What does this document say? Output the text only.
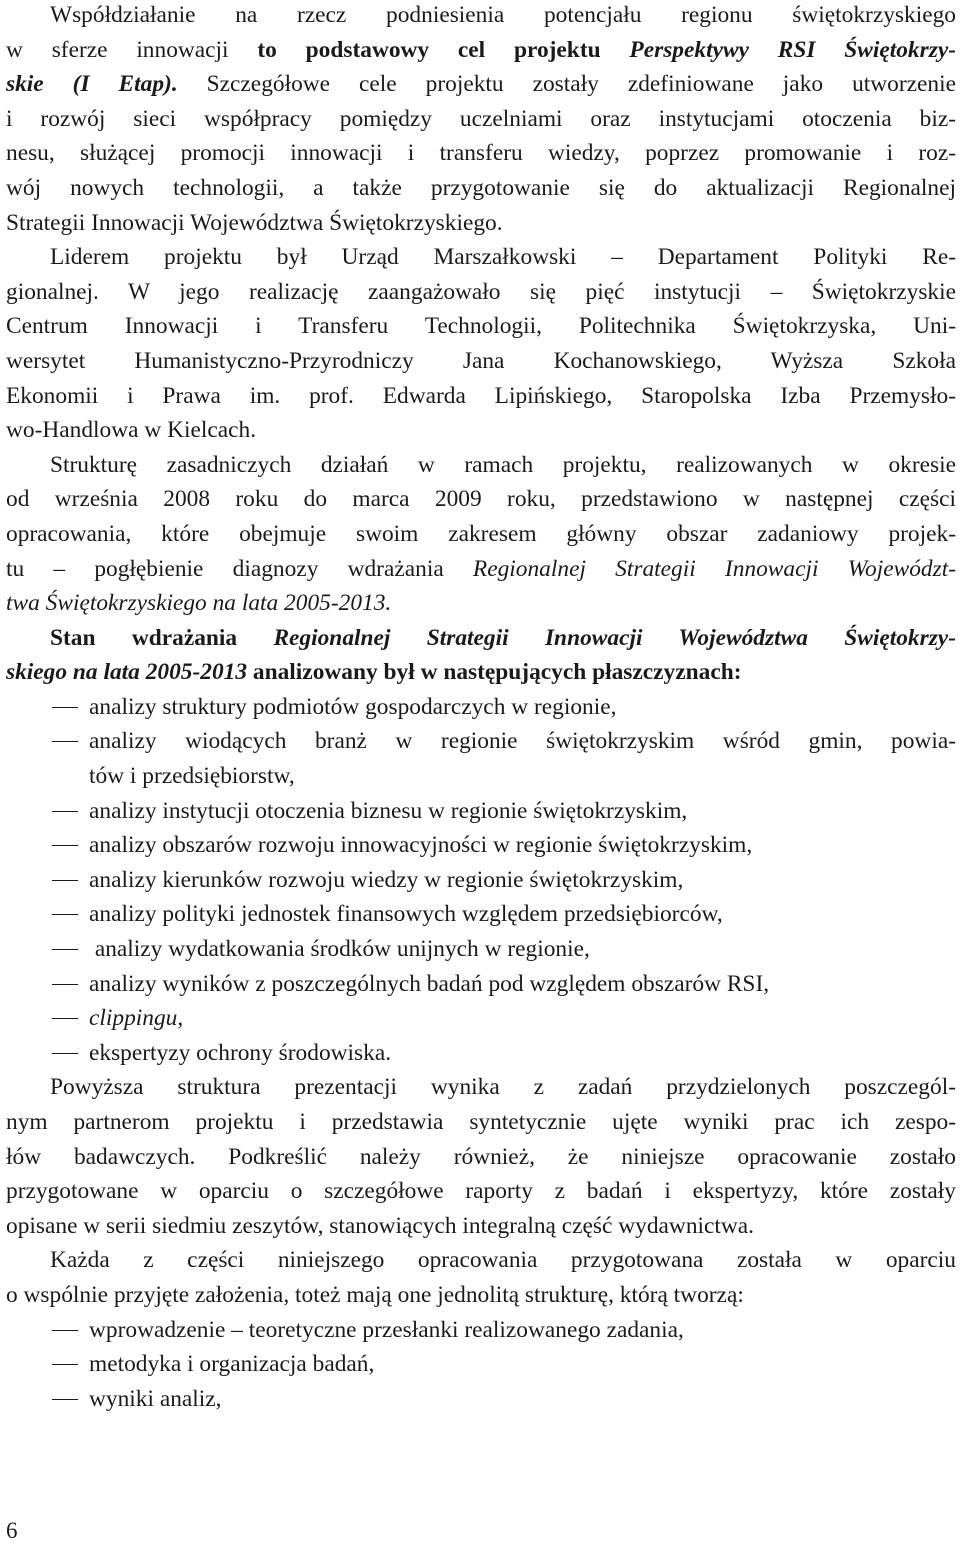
Współdziałanie na rzecz podniesienia potencjału regionu świętokrzyskiego
w sferze innowacji to podstawowy cel projektu Perspektywy RSI Świętokrzy-
skie (I Etap). Szczegółowe cele projektu zostały zdefiniowane jako utworzenie
i rozwój sieci współpracy pomiędzy uczelniami oraz instytucjami otoczenia biz-
nesu, służącej promocji innowacji i transferu wiedzy, poprzez promowanie i roz-
wój nowych technologii, a także przygotowanie się do aktualizacji Regionalnej
Strategii Innowacji Województwa Świętokrzyskiego.
Liderem projektu był Urząd Marszałkowski – Departament Polityki Re-
gionalnej. W jego realizację zaangażowało się pięć instytucji – Świętokrzyskie
Centrum Innowacji i Transferu Technologii, Politechnika Świętokrzyska, Uni-
wersytet Humanistyczno-Przyrodniczy Jana Kochanowskiego, Wyższa Szkoła
Ekonomii i Prawa im. prof. Edwarda Lipińskiego, Staropolska Izba Przemysło-
wo-Handlowa w Kielcach.
Strukturę zasadniczych działań w ramach projektu, realizowanych w okresie
od września 2008 roku do marca 2009 roku, przedstawiono w następnej części
opracowania, które obejmuje swoim zakresem główny obszar zadaniowy projek-
tu – pogłębienie diagnozy wdrażania Regionalnej Strategii Innowacji Województ-
twa Świętokrzyskiego na lata 2005-2013.
Stan wdrażania Regionalnej Strategii Innowacji Województwa Świętokrzy-
skiego na lata 2005-2013 analizowany był w następujących płaszczyznach:
analizy struktury podmiotów gospodarczych w regionie,
analizy wiodących branż w regionie świętokrzyskim wśród gmin, powia-
tów i przedsiębiorstw,
analizy instytucji otoczenia biznesu w regionie świętokrzyskim,
analizy obszarów rozwoju innowacyjności w regionie świętokrzyskim,
analizy kierunków rozwoju wiedzy w regionie świętokrzyskim,
analizy polityki jednostek finansowych względem przedsiębiorców,
analizy wydatkowania środków unijnych w regionie,
analizy wyników z poszczególnych badań pod względem obszarów RSI,
clippingu,
ekspertyzy ochrony środowiska.
Powyższa struktura prezentacji wynika z zadań przydzielonych poszczegól-
nym partnerom projektu i przedstawia syntetycznie ujęte wyniki prac ich zespo-
łów badawczych. Podkreślić należy również, że niniejsze opracowanie zostało
przygotowane w oparciu o szczegółowe raporty z badań i ekspertyzy, które zostały
opisane w serii siedmiu zeszytów, stanowiących integralną część wydawnictwa.
Każda z części niniejszego opracowania przygotowana została w oparciu
o wspólnie przyjęte założenia, toteż mają one jednolitą strukturę, którą tworzą:
wprowadzenie – teoretyczne przesłanki realizowanego zadania,
metodyka i organizacja badań,
wyniki analiz,
6
